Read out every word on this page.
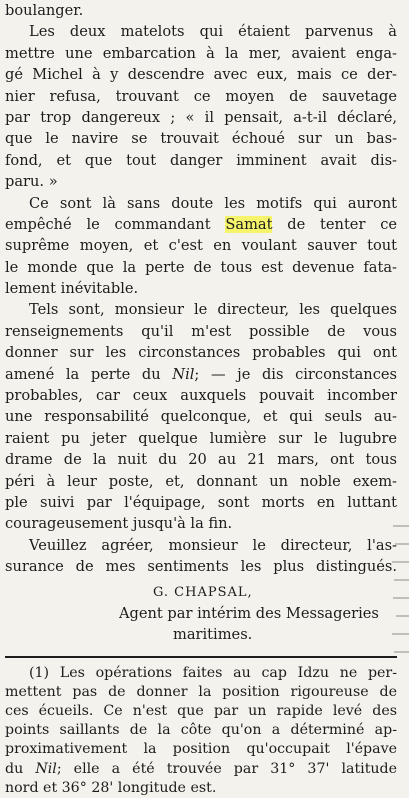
boulanger.
Les deux matelots qui étaient parvenus à
mettre une embarcation à la mer, avaient enga-
gé Michel à y descendre avec eux, mais ce der-
nier refusa, trouvant ce moyen de sauvetage
par trop dangereux ; « il pensait, a-t-il déclaré,
que le navire se trouvait échoué sur un bas-
fond, et que tout danger imminent avait dis-
paru. »
Ce sont là sans doute les motifs qui auront
empêché le commandant Samat de tenter ce
suprême moyen, et c'est en voulant sauver tout
le monde que la perte de tous est devenue fata-
lement inévitable.
Tels sont, monsieur le directeur, les quelques
renseignements qu'il m'est possible de vous
donner sur les circonstances probables qui ont
amené la perte du Nil; — je dis circonstances
probables, car ceux auxquels pouvait incomber
une responsabilité quelconque, et qui seuls au-
raient pu jeter quelque lumière sur le lugubre
drame de la nuit du 20 au 21 mars, ont tous
péri à leur poste, et, donnant un noble exem-
ple suivi par l'équipage, sont morts en luttant
courageusement jusqu'à la fin.
Veuillez agréer, monsieur le directeur, l'as-
surance de mes sentiments les plus distingués.
G. CHAPSAL,
Agent par intérim des Messageries
maritimes.
(1) Les opérations faites au cap Idzu ne per-
mettent pas de donner la position rigoureuse de
ces écueils. Ce n'est que par un rapide levé des
points saillants de la côte qu'on a déterminé ap-
proximativement la position qu'occupait l'épave
du Nil; elle a été trouvée par 31° 37' latitude
nord et 36° 28' longitude est.
